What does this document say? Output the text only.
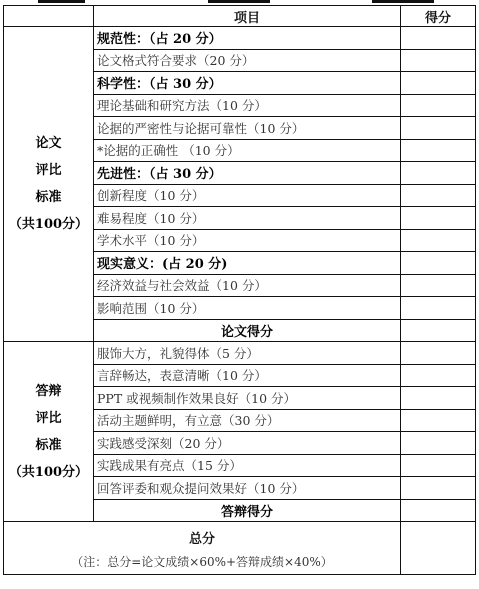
	项目	得分

论文
评比
标准
（共100分）	规范性：（占 20 分）	
	论文格式符合要求（20 分）	
	科学性：（占 30 分）	
	理论基础和研究方法（10 分）	
	论据的严密性与论据可靠性（10 分）	
	*论据的正确性 （10 分）	
	先进性：（占 30 分）	
	创新程度（10 分）	
	难易程度（10 分）	
	学术水平（10 分）	
	现实意义：(占 20 分)	
	经济效益与社会效益（10 分）	
	影响范围（10 分）	
	论文得分	

答辩
评比
标准
（共100分）	服饰大方，礼貌得体（5 分）	
	言辞畅达，表意清晰（10 分）	
	PPT 或视频制作效果良好（10 分）	
	活动主题鲜明，有立意（30 分）	
	实践感受深刻（20 分）	
	实践成果有亮点（15 分）	
	回答评委和观众提问效果好（10 分）	
	答辩得分	

总分
（注：总分=论文成绩×60%+答辩成绩×40%）		
